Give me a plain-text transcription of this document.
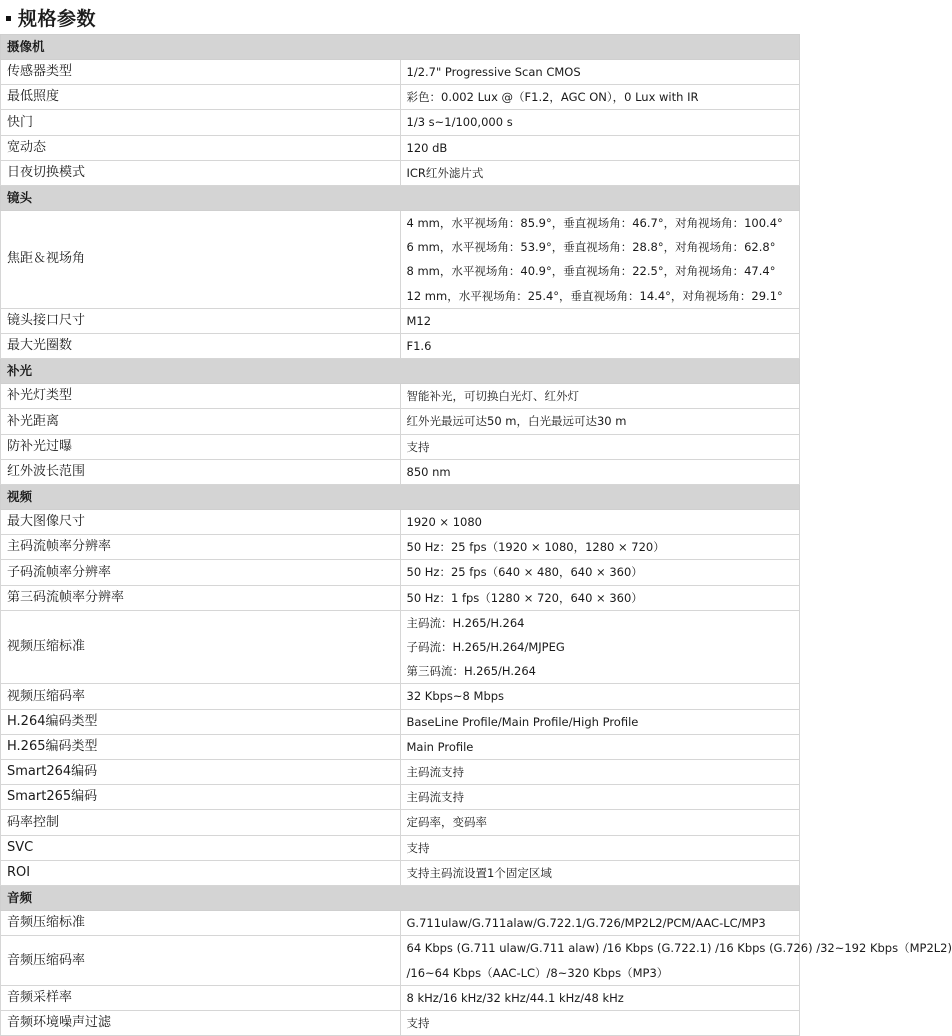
规格参数
摄像机	
传感器类型	1/2.7" Progressive Scan CMOS

最低照度	彩色：0.002 Lux @（F1.2，AGC ON），0 Lux with IR

快门	1/3 s~1/100,000 s

宽动态	120 dB

日夜切换模式	ICR红外滤片式

镜头	
焦距＆视场角	4 mm，水平视场角：85.9°，垂直视场角：46.7°，对角视场角：100.4°
6 mm，水平视场角：53.9°，垂直视场角：28.8°，对角视场角：62.8°
8 mm，水平视场角：40.9°，垂直视场角：22.5°，对角视场角：47.4°
12 mm，水平视场角：25.4°，垂直视场角：14.4°，对角视场角：29.1°

镜头接口尺寸	M12

最大光圈数	F1.6

补光	
补光灯类型	智能补光，可切换白光灯、红外灯

补光距离	红外光最远可达50 m，白光最远可达30 m

防补光过曝	支持

红外波长范围	850 nm

视频	
最大图像尺寸	1920 × 1080

主码流帧率分辨率	50 Hz：25 fps（1920 × 1080，1280 × 720）

子码流帧率分辨率	50 Hz：25 fps（640 × 480，640 × 360）

第三码流帧率分辨率	50 Hz：1 fps（1280 × 720，640 × 360）

视频压缩标准	主码流：H.265/H.264
子码流：H.265/H.264/MJPEG
第三码流：H.265/H.264

视频压缩码率	32 Kbps~8 Mbps

H.264编码类型	BaseLine Profile/Main Profile/High Profile

H.265编码类型	Main Profile

Smart264编码	主码流支持

Smart265编码	主码流支持

码率控制	定码率，变码率

SVC	支持

ROI	支持主码流设置1个固定区域

音频	
音频压缩标准	G.711ulaw/G.711alaw/G.722.1/G.726/MP2L2/PCM/AAC-LC/MP3

音频压缩码率	64 Kbps (G.711 ulaw/G.711 alaw) /16 Kbps (G.722.1) /16 Kbps (G.726) /32~192 Kbps（MP2L2)
/16~64 Kbps（AAC-LC）/8~320 Kbps（MP3）

音频采样率	8 kHz/16 kHz/32 kHz/44.1 kHz/48 kHz

音频环境噪声过滤	支持
